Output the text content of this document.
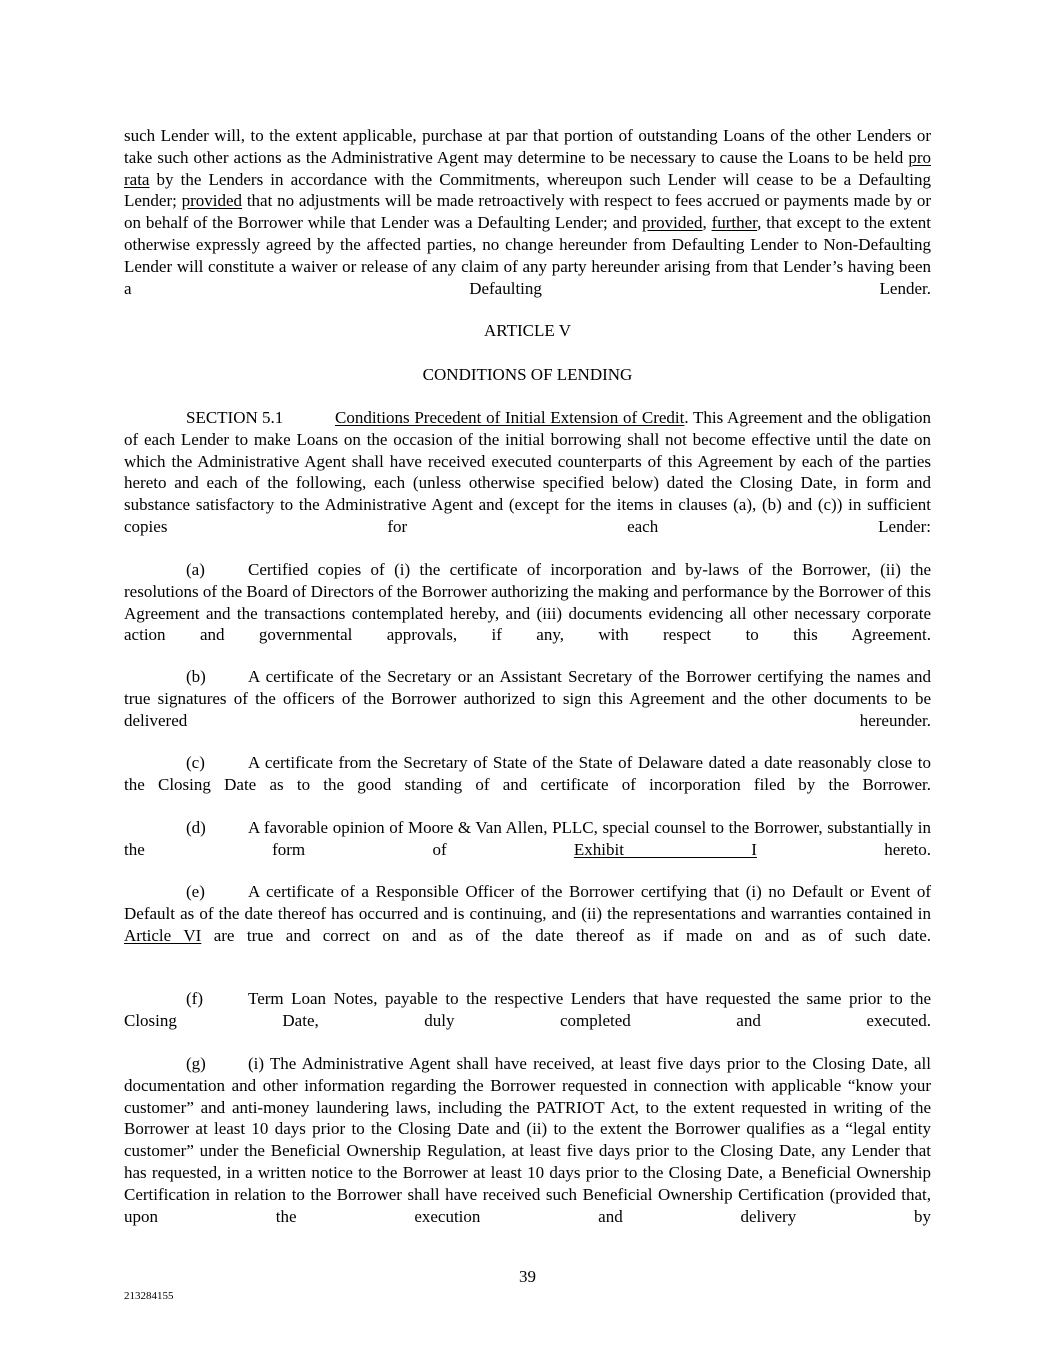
such Lender will, to the extent applicable, purchase at par that portion of outstanding Loans of the other Lenders or take such other actions as the Administrative Agent may determine to be necessary to cause the Loans to be held pro rata by the Lenders in accordance with the Commitments, whereupon such Lender will cease to be a Defaulting Lender; provided that no adjustments will be made retroactively with respect to fees accrued or payments made by or on behalf of the Borrower while that Lender was a Defaulting Lender; and provided, further, that except to the extent otherwise expressly agreed by the affected parties, no change hereunder from Defaulting Lender to Non-Defaulting Lender will constitute a waiver or release of any claim of any party hereunder arising from that Lender’s having been a Defaulting Lender.
ARTICLE V
CONDITIONS OF LENDING
SECTION 5.1	Conditions Precedent of Initial Extension of Credit. This Agreement and the obligation of each Lender to make Loans on the occasion of the initial borrowing shall not become effective until the date on which the Administrative Agent shall have received executed counterparts of this Agreement by each of the parties hereto and each of the following, each (unless otherwise specified below) dated the Closing Date, in form and substance satisfactory to the Administrative Agent and (except for the items in clauses (a), (b) and (c)) in sufficient copies for each Lender:
(a)	Certified copies of (i) the certificate of incorporation and by-laws of the Borrower, (ii) the resolutions of the Board of Directors of the Borrower authorizing the making and performance by the Borrower of this Agreement and the transactions contemplated hereby, and (iii) documents evidencing all other necessary corporate action and governmental approvals, if any, with respect to this Agreement.
(b) A certificate of the Secretary or an Assistant Secretary of the Borrower certifying the names and true signatures of the officers of the Borrower authorized to sign this Agreement and the other documents to be delivered hereunder.
(c)	A certificate from the Secretary of State of the State of Delaware dated a date reasonably close to the Closing Date as to the good standing of and certificate of incorporation filed by the Borrower.
(d) A favorable opinion of Moore & Van Allen, PLLC, special counsel to the Borrower, substantially in the form of Exhibit I hereto.
(e)	A certificate of a Responsible Officer of the Borrower certifying that (i) no Default or Event of Default as of the date thereof has occurred and is continuing, and (ii) the representations and warranties contained in Article VI are true and correct on and as of the date thereof as if made on and as of such date.
(f)	Term Loan Notes, payable to the respective Lenders that have requested the same prior to the Closing Date, duly completed and executed.
(g) (i) The Administrative Agent shall have received, at least five days prior to the Closing Date, all documentation and other information regarding the Borrower requested in connection with applicable “know your customer” and anti-money laundering laws, including the PATRIOT Act, to the extent requested in writing of the Borrower at least 10 days prior to the Closing Date and (ii) to the extent the Borrower qualifies as a “legal entity customer” under the Beneficial Ownership Regulation, at least five days prior to the Closing Date, any Lender that has requested, in a written notice to the Borrower at least 10 days prior to the Closing Date, a Beneficial Ownership Certification in relation to the Borrower shall have received such Beneficial Ownership Certification (provided that, upon the execution and delivery by
39
213284155
